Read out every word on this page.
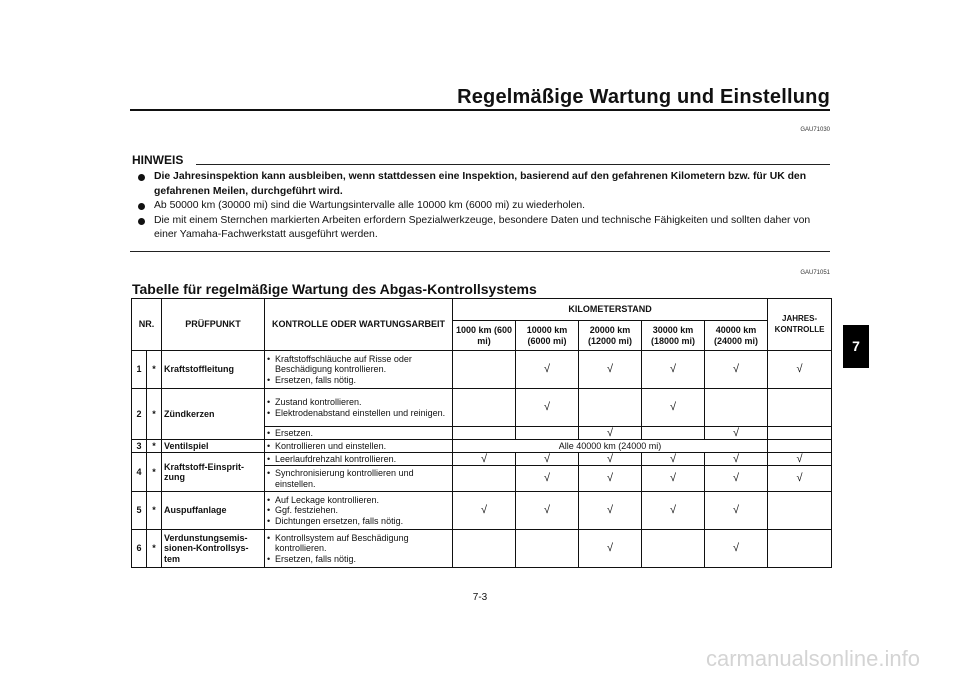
Regelmäßige Wartung und Einstellung
GAU71030
HINWEIS
Die Jahresinspektion kann ausbleiben, wenn stattdessen eine Inspektion, basierend auf den gefahrenen Kilometern bzw. für UK den gefahrenen Meilen, durchgeführt wird.
Ab 50000 km (30000 mi) sind die Wartungsintervalle alle 10000 km (6000 mi) zu wiederholen.
Die mit einem Sternchen markierten Arbeiten erfordern Spezialwerkzeuge, besondere Daten und technische Fähigkeiten und sollten daher von einer Yamaha-Fachwerkstatt ausgeführt werden.
GAU71051
Tabelle für regelmäßige Wartung des Abgas-Kontrollsystems
NR.		PRÜFPUNKT	KONTROLLE ODER WARTUNGSARBEIT	KILOMETERSTAND					JAHRES-KONTROLLE
				1000 km (600 mi)	10000 km (6000 mi)	20000 km (12000 mi)	30000 km (18000 mi)	40000 km (24000 mi)	
1	*	Kraftstoffleitung	• Kraftstoffschläuche auf Risse oder Beschädigung kontrollieren.
• Ersetzen, falls nötig.		√	√	√	√	√
2	*	Zündkerzen	• Zustand kontrollieren.
• Elektrodenabstand einstellen und reinigen.		√		√		

			• Ersetzen.			√		√	
3	*	Ventilspiel	• Kontrollieren und einstellen.	Alle 40000 km (24000 mi)					
4	*	Kraftstoff-Einsprit-zung	• Leerlaufdrehzahl kontrollieren.	√	√	√	√	√	√

			• Synchronisierung kontrollieren und einstellen.		√	√	√	√	√
5	*	Auspuffanlage	• Auf Leckage kontrollieren.
• Ggf. festziehen.
• Dichtungen ersetzen, falls nötig.	√	√	√	√	√	
6	*	Verdunstungsemis-sionen-Kontrollsys-tem	• Kontrollsystem auf Beschädigung kontrollieren.
• Ersetzen, falls nötig.			√		√	
7
7-3
carmanualsonline.info
